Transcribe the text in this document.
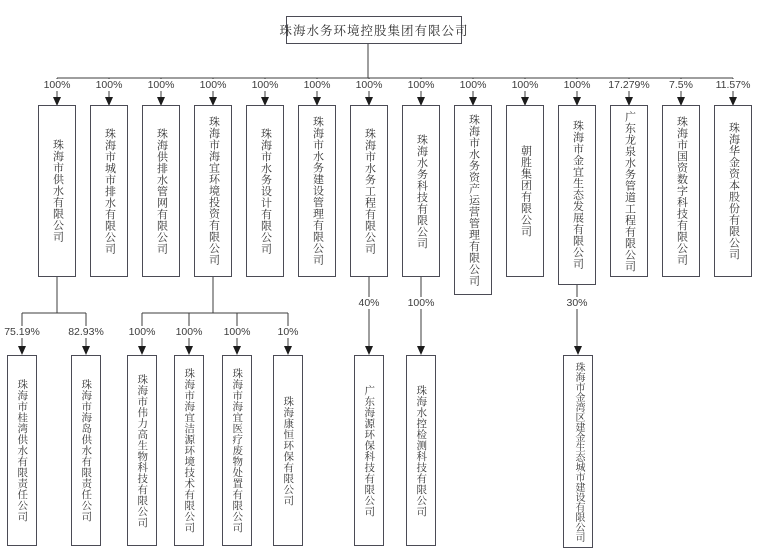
珠海水务环境控股集团有限公司
100%	100%	100%	100%	100%	100%	100%	100%	100%	100%	100%	17.279%	7.5%	11.57%
珠海市供水有限公司	珠海市城市排水有限公司	珠海供排水管网有限公司	珠海市海宜环境投资有限公司	珠海市水务设计有限公司	珠海市水务建设管理有限公司	珠海市水务工程有限公司	珠海水务科技有限公司	珠海市水务资产运营管理有限公司	朝胜集团有限公司	珠海市金宜生态发展有限公司	广东龙泉水务管道工程有限公司	珠海市国资数字科技有限公司	珠海华金资本股份有限公司
75.19%	82.93%	100%	100%	100%	10%
40%	100%	30%
珠海市桂湾供水有限责任公司	珠海市海岛供水有限责任公司	珠海市伟力高生物科技有限公司	珠海市海宜洁源环境技术有限公司	珠海市海宜医疗废物处置有限公司	珠海康恒环保有限公司	广东海源环保科技有限公司	珠海水控检测科技有限公司	珠海市金湾区建金生态城市建设有限公司
